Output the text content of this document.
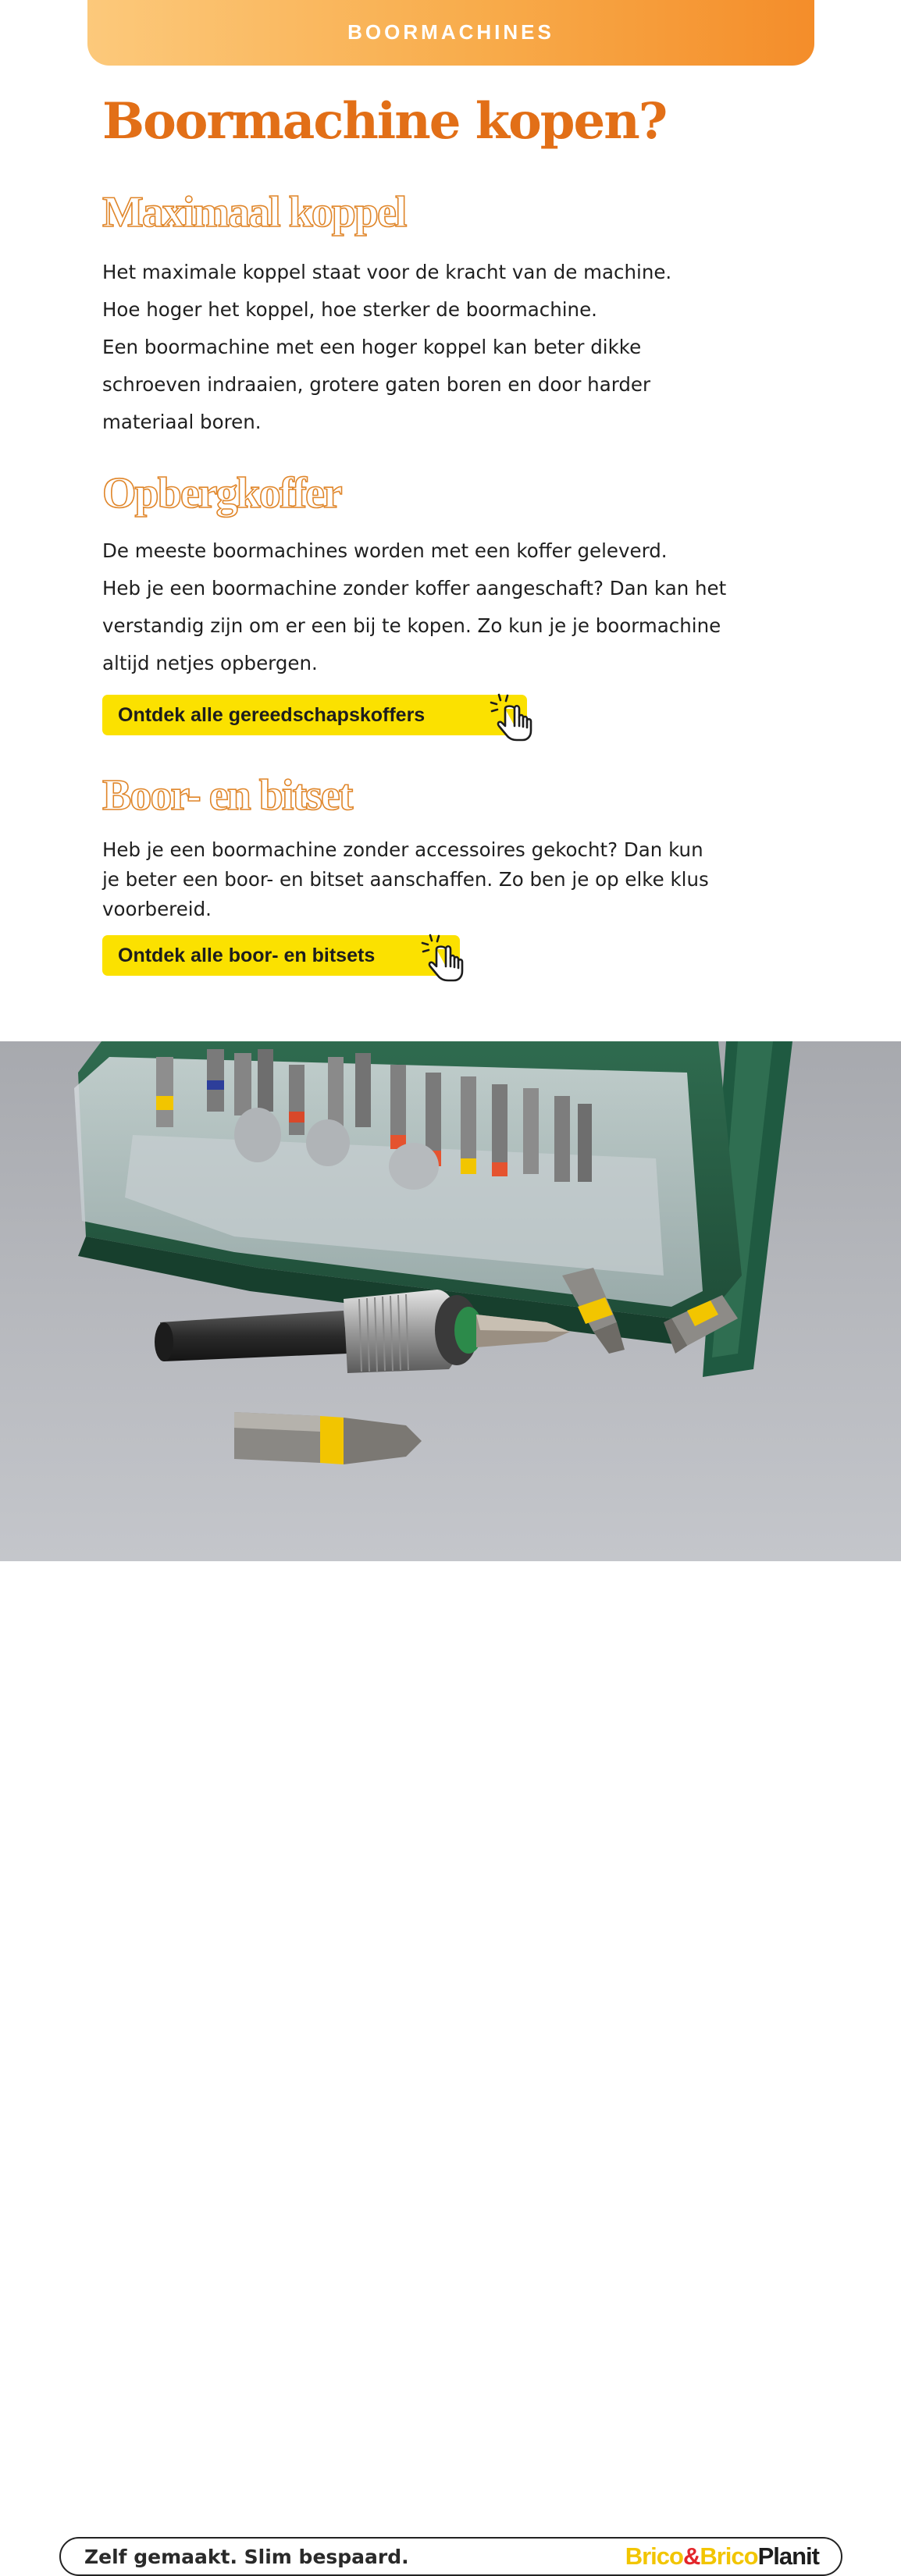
BOORMACHINES
Boormachine kopen?
Maximaal koppel

Het maximale koppel staat voor de kracht van de machine.

Hoe hoger het koppel, hoe sterker de boormachine.

Een boormachine met een hoger koppel kan beter dikke

schroeven indraaien, grotere gaten boren en door harder

materiaal boren.

Opbergkoffer

De meeste boormachines worden met een koffer geleverd.

Heb je een boormachine zonder koffer aangeschaft? Dan kan het

verstandig zijn om er een bij te kopen. Zo kun je je boormachine

altijd netjes opbergen.

Ontdek alle gereedschapskoffers
Boor- en bitset

Heb je een boormachine zonder accessoires gekocht? Dan kun

je beter een boor- en bitset aanschaffen. Zo ben je op elke klus

voorbereid.

Ontdek alle boor- en bitsets
Zelf gemaakt. Slim bespaard.	Brico&BricoPlanit
